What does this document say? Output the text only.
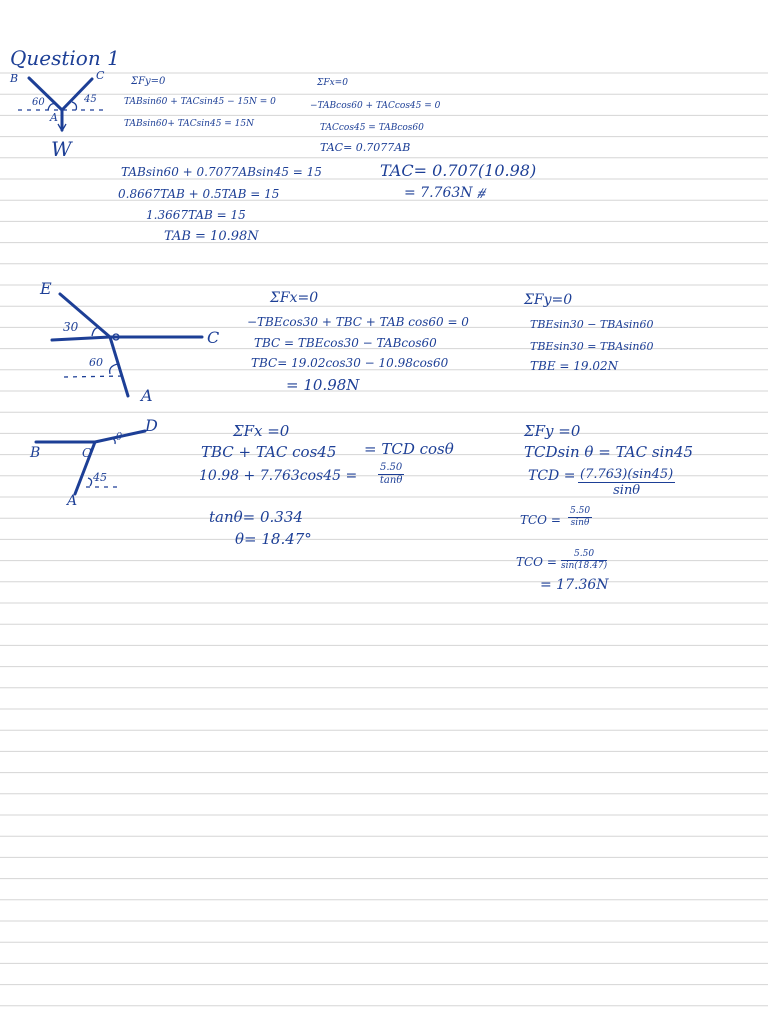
Question 1
B	C
60	45
A
W
ΣFy=0
TABsin60 + TACsin45 − 15N = 0
TABsin60+ TACsin45 = 15N
ΣFx=0
−TABcos60 + TACcos45 = 0
TACcos45 = TABcos60
TAC= 0.7077AB
TABsin60 + 0.7077ABsin45 = 15
0.8667TAB + 0.5TAB = 15
1.3667TAB = 15
TAB = 10.98N
TAC= 0.707(10.98)
= 7.763N ⧣
E
30
C
60
A
ΣFx=0
−TBEcos30 + TBC + TAB cos60 = 0
TBC = TBEcos30 − TABcos60
TBC= 19.02cos30 − 10.98cos60
= 10.98N
ΣFy=0
TBEsin30 − TBAsin60
TBEsin30 = TBAsin60
TBE = 19.02N
B
D
θ
C
45
A
ΣFx =0
TBC + TAC cos45 = TCD cosθ
$10.98 + 7.763\cos 45 = \frac{5.50}{\tan\theta}$
tanθ= 0.334
θ= 18.47°
ΣFy =0
TCDsin θ = TAC sin45
TCD = $\frac{(7.763)(\sin 45)}{\sin\theta}$
TCO = $\frac{5.50}{\sin\theta}$
TCO = $\frac{5.50}{\sin(18.47)}$
= 17.36N
